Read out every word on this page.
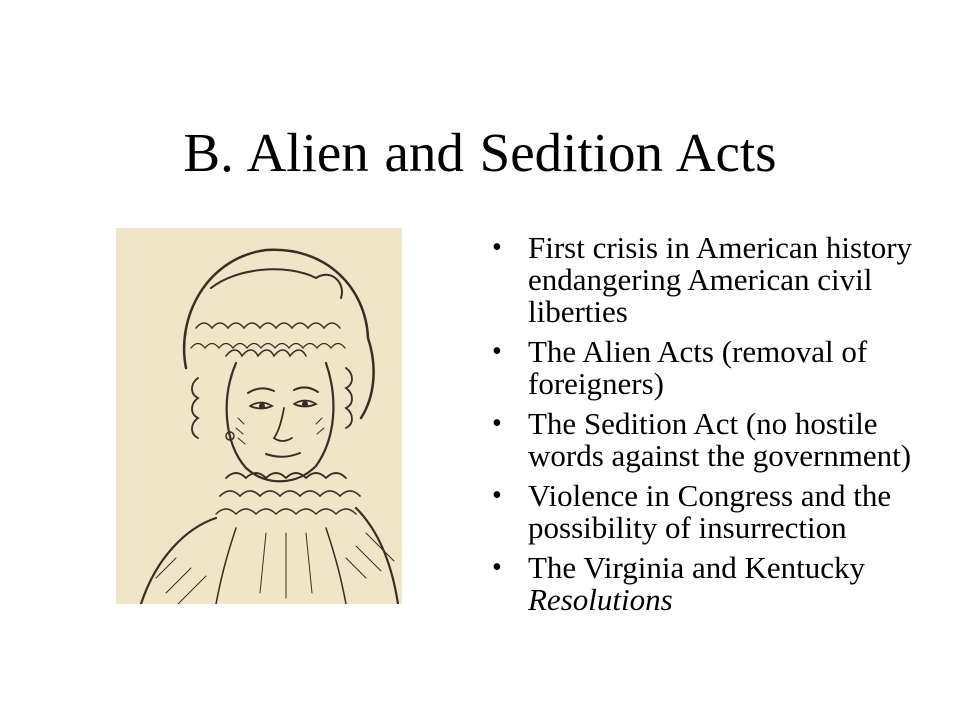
B. Alien and Sedition Acts
• First crisis in American history endangering American civil liberties
• The Alien Acts (removal of foreigners)
• The Sedition Act (no hostile words against the government)
• Violence in Congress and the possibility of insurrection
• The Virginia and Kentucky Resolutions
